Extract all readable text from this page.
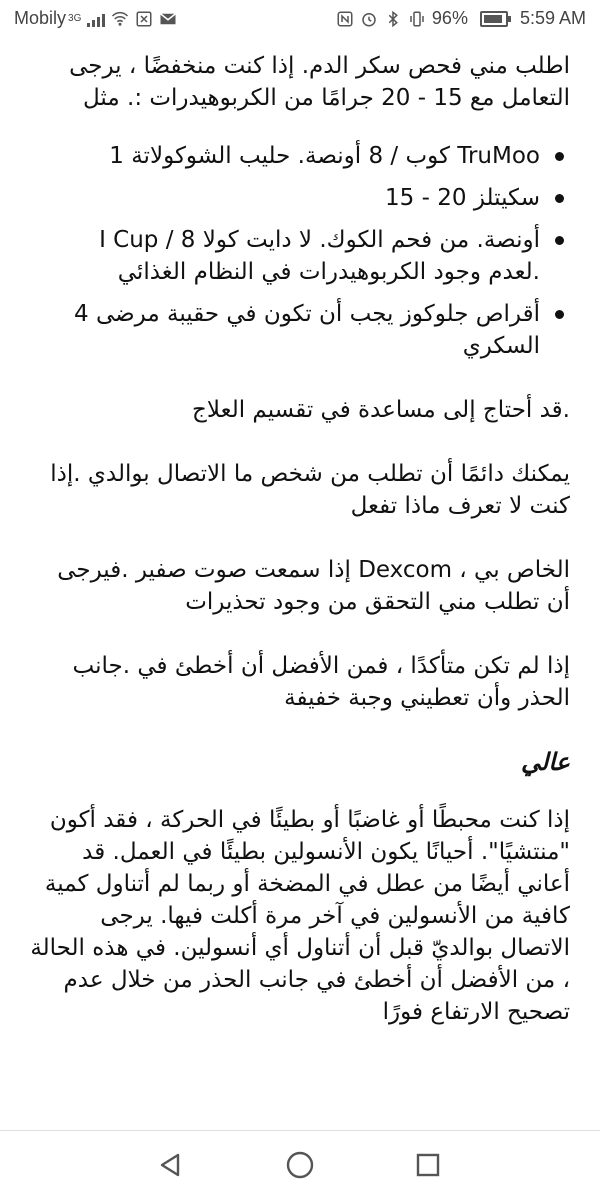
Mobily 3G	96%	5:59 AM

اطلب مني فحص سكر الدم. إذا كنت منخفضًا ، يرجى التعامل مع 15 - 20 جرامًا من الكربوهيدرات :. مثل

TruMoo كوب / 8 أونصة. حليب الشوكولاتة 1
سكيتلز 20 - 15
أونصة. من فحم الكوك. لا دايت كولا 8 / I Cup
.لعدم وجود الكربوهيدرات في النظام الغذائي
أقراص جلوكوز يجب أن تكون في حقيبة مرضى 4 السكري

.قد أحتاج إلى مساعدة في تقسيم العلاج

يمكنك دائمًا أن تطلب من شخص ما الاتصال بوالدي .إذا كنت لا تعرف ماذا تفعل

الخاص بي ، Dexcom إذا سمعت صوت صفير .فيرجى أن تطلب مني التحقق من وجود تحذيرات

إذا لم تكن متأكدًا ، فمن الأفضل أن أخطئ في .جانب الحذر وأن تعطيني وجبة خفيفة

عالي

إذا كنت محبطًا أو غاضبًا أو بطيئًا في الحركة ، فقد أكون "منتشيًا". أحيانًا يكون الأنسولين بطيئًا في العمل. قد أعاني أيضًا من عطل في المضخة أو ربما لم أتناول كمية كافية من الأنسولين في آخر مرة أكلت فيها. يرجى الاتصال بوالديّ قبل أن أتناول أي أنسولين. في هذه الحالة ، من الأفضل أن أخطئ في جانب الحذر من خلال عدم تصحيح الارتفاع فورًا
